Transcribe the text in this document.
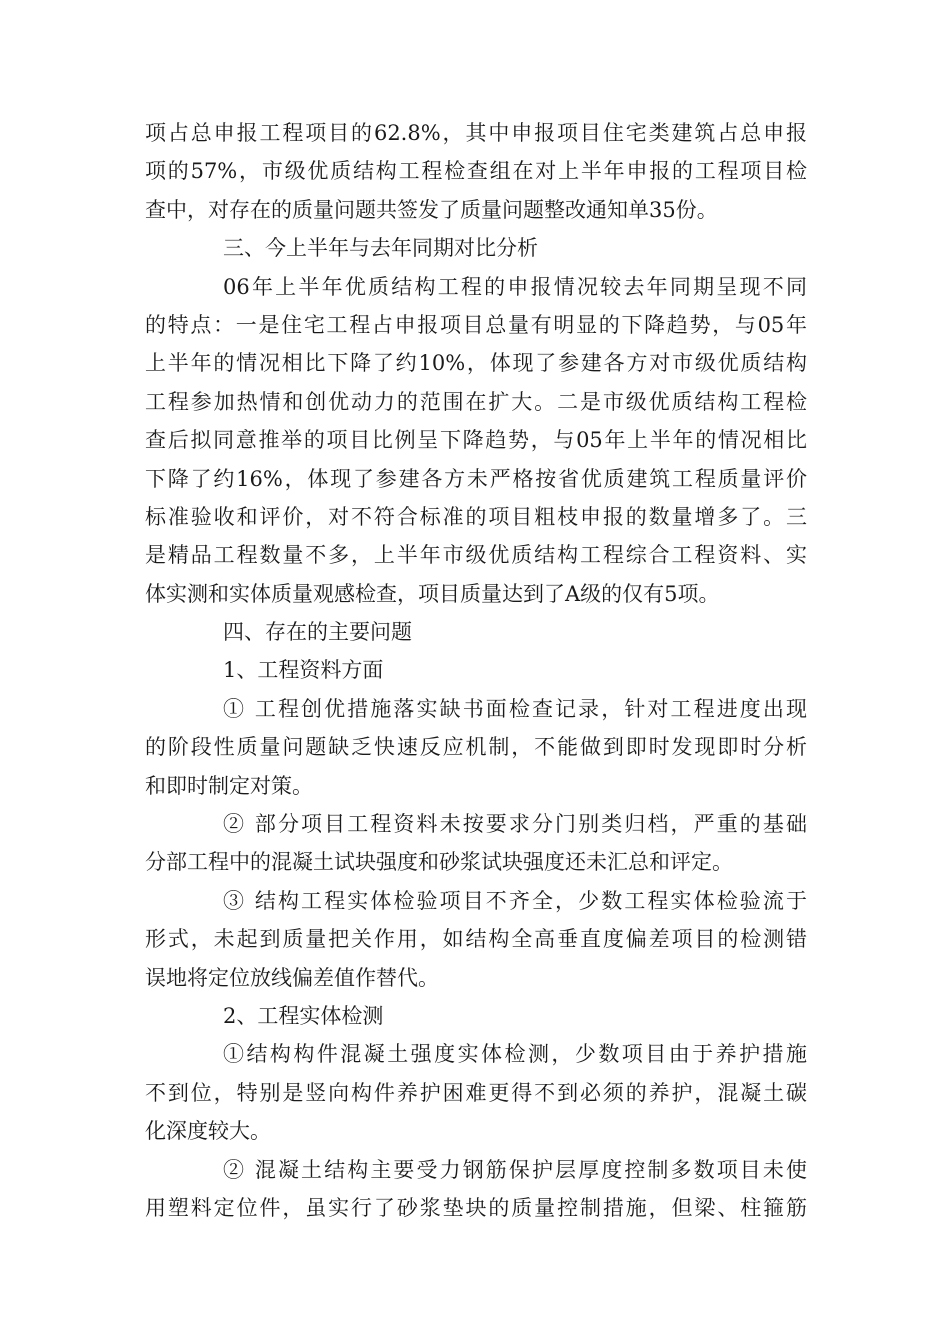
项占总申报工程项目的62.8%，其中申报项目住宅类建筑占总申报
项的57%，市级优质结构工程检查组在对上半年申报的工程项目检
查中，对存在的质量问题共签发了质量问题整改通知单35份。
三、今上半年与去年同期对比分析
06年上半年优质结构工程的申报情况较去年同期呈现不同
的特点：一是住宅工程占申报项目总量有明显的下降趋势，与05年
上半年的情况相比下降了约10%，体现了参建各方对市级优质结构
工程参加热情和创优动力的范围在扩大。二是市级优质结构工程检
查后拟同意推举的项目比例呈下降趋势，与05年上半年的情况相比
下降了约16%，体现了参建各方未严格按省优质建筑工程质量评价
标准验收和评价，对不符合标准的项目粗枝申报的数量增多了。三
是精品工程数量不多，上半年市级优质结构工程综合工程资料、实
体实测和实体质量观感检查，项目质量达到了A级的仅有5项。
四、存在的主要问题
1、工程资料方面
① 工程创优措施落实缺书面检查记录，针对工程进度出现
的阶段性质量问题缺乏快速反应机制，不能做到即时发现即时分析
和即时制定对策。
② 部分项目工程资料未按要求分门别类归档，严重的基础
分部工程中的混凝土试块强度和砂浆试块强度还未汇总和评定。
③ 结构工程实体检验项目不齐全，少数工程实体检验流于
形式，未起到质量把关作用，如结构全高垂直度偏差项目的检测错
误地将定位放线偏差值作替代。
2、工程实体检测
①结构构件混凝土强度实体检测，少数项目由于养护措施
不到位，特别是竖向构件养护困难更得不到必须的养护，混凝土碳
化深度较大。
② 混凝土结构主要受力钢筋保护层厚度控制多数项目未使
用塑料定位件，虽实行了砂浆垫块的质量控制措施，但梁、柱箍筋
